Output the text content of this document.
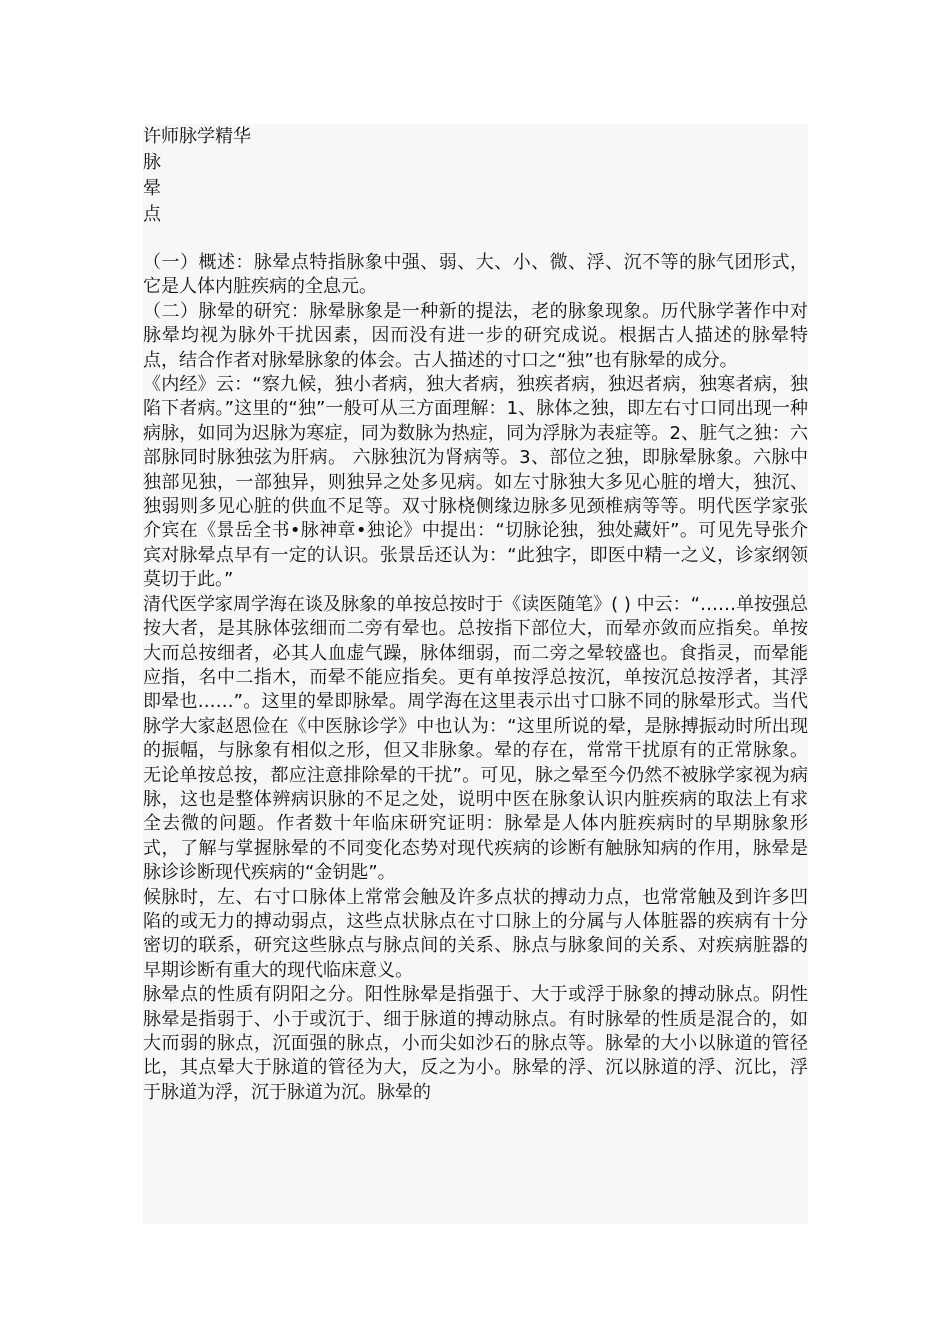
许师脉学精华
脉
晕
点

（一）概述：脉晕点特指脉象中强、弱、大、小、微、浮、沉不等的脉气团形式，它是人体内脏疾病的全息元。

（二）脉晕的研究：脉晕脉象是一种新的提法，老的脉象现象。历代脉学著作中对脉晕均视为脉外干扰因素，因而没有进一步的研究成说。根据古人描述的脉晕特点，结合作者对脉晕脉象的体会。古人描述的寸口之“独”也有脉晕的成分。

《内经》云：“察九候，独小者病，独大者病，独疾者病，独迟者病，独寒者病，独陷下者病。”这里的“独”一般可从三方面理解：1、脉体之独，即左右寸口同出现一种病脉，如同为迟脉为寒症，同为数脉为热症，同为浮脉为表症等。2、脏气之独：六部脉同时脉独弦为肝病。 六脉独沉为肾病等。3、部位之独，即脉晕脉象。六脉中独部见独，一部独异，则独异之处多见病。如左寸脉独大多见心脏的增大，独沉、独弱则多见心脏的供血不足等。双寸脉桡侧缘边脉多见颈椎病等等。明代医学家张介宾在《景岳全书•脉神章•独论》中提出：“切脉论独，独处藏奸”。可见先导张介宾对脉晕点早有一定的认识。张景岳还认为：“此独字，即医中精一之义，诊家纲领莫切于此。”

清代医学家周学海在谈及脉象的单按总按时于《读医随笔》( ) 中云：“……单按强总按大者，是其脉体弦细而二旁有晕也。总按指下部位大，而晕亦敛而应指矣。单按大而总按细者，必其人血虚气躁，脉体细弱，而二旁之晕较盛也。食指灵，而晕能应指，名中二指木，而晕不能应指矣。更有单按浮总按沉，单按沉总按浮者，其浮即晕也……”。这里的晕即脉晕。周学海在这里表示出寸口脉不同的脉晕形式。当代脉学大家赵恩俭在《中医脉诊学》中也认为：“这里所说的晕，是脉搏振动时所出现的振幅，与脉象有相似之形，但又非脉象。晕的存在，常常干扰原有的正常脉象。无论单按总按，都应注意排除晕的干扰”。可见，脉之晕至今仍然不被脉学家视为病脉，这也是整体辨病识脉的不足之处，说明中医在脉象认识内脏疾病的取法上有求全去微的问题。作者数十年临床研究证明：脉晕是人体内脏疾病时的早期脉象形式，了解与掌握脉晕的不同变化态势对现代疾病的诊断有触脉知病的作用，脉晕是脉诊诊断现代疾病的“金钥匙”。

候脉时，左、右寸口脉体上常常会触及许多点状的搏动力点，也常常触及到许多凹陷的或无力的搏动弱点，这些点状脉点在寸口脉上的分属与人体脏器的疾病有十分密切的联系，研究这些脉点与脉点间的关系、脉点与脉象间的关系、对疾病脏器的早期诊断有重大的现代临床意义。

脉晕点的性质有阴阳之分。阳性脉晕是指强于、大于或浮于脉象的搏动脉点。阴性脉晕是指弱于、小于或沉于、细于脉道的搏动脉点。有时脉晕的性质是混合的，如大而弱的脉点，沉面强的脉点，小而尖如沙石的脉点等。脉晕的大小以脉道的管径比，其点晕大于脉道的管径为大，反之为小。脉晕的浮、沉以脉道的浮、沉比，浮于脉道为浮，沉于脉道为沉。脉晕的
